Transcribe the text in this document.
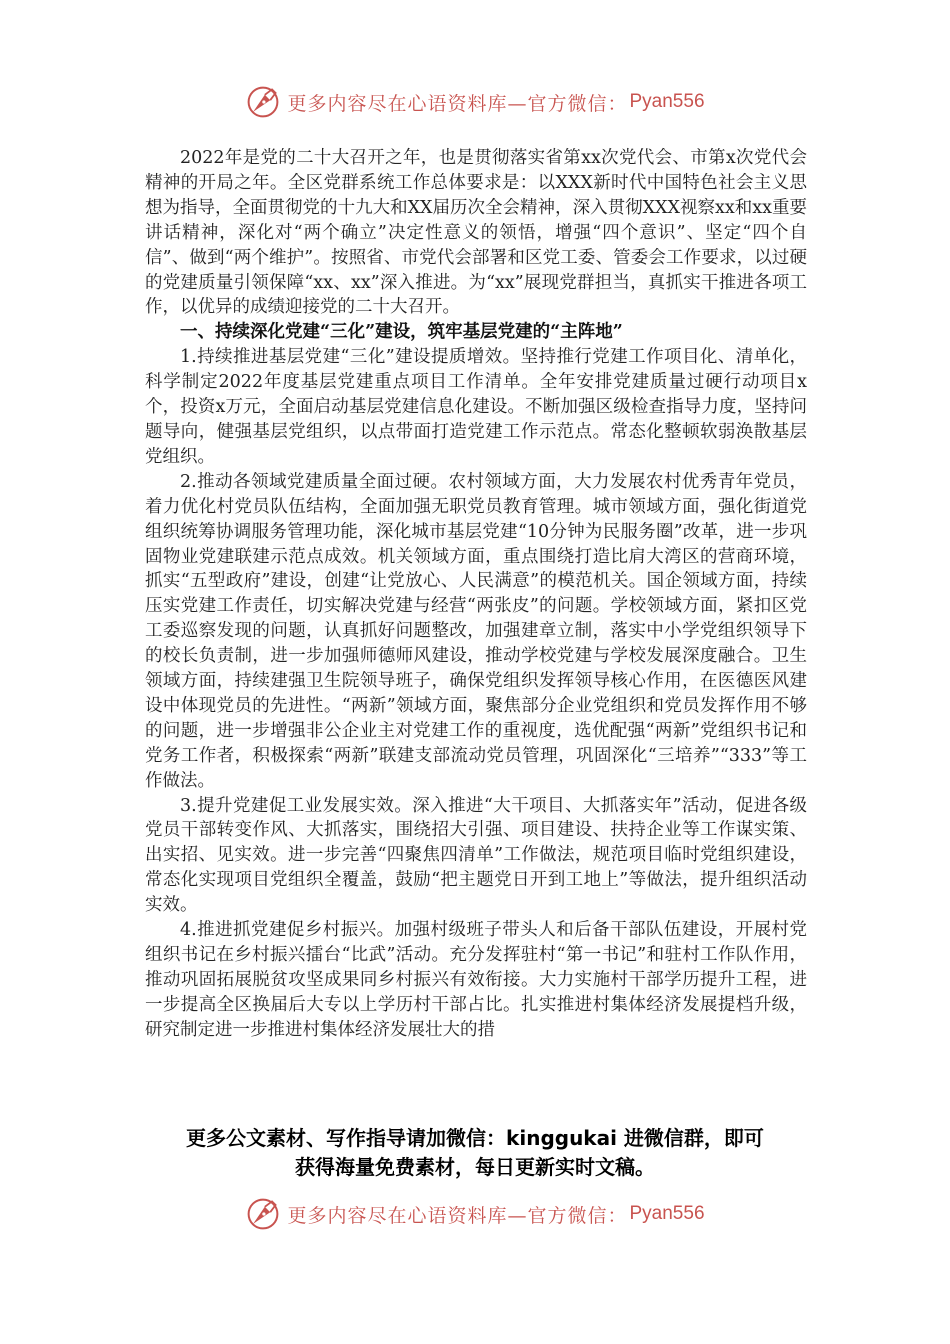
更多内容尽在心语资料库—官方微信： Pyan556

2022年是党的二十大召开之年，也是贯彻落实省第xx次党代会、市第x次党代会精神的开局之年。全区党群系统工作总体要求是：以XXX新时代中国特色社会主义思想为指导，全面贯彻党的十九大和XX届历次全会精神，深入贯彻XXX视察xx和xx重要讲话精神，深化对“两个确立”决定性意义的领悟，增强“四个意识”、坚定“四个自信”、做到“两个维护”。按照省、市党代会部署和区党工委、管委会工作要求，以过硬的党建质量引领保障“xx、xx”深入推进。为“xx”展现党群担当，真抓实干推进各项工作，以优异的成绩迎接党的二十大召开。

一、持续深化党建“三化”建设，筑牢基层党建的“主阵地”

1.持续推进基层党建“三化”建设提质增效。坚持推行党建工作项目化、清单化，科学制定2022年度基层党建重点项目工作清单。全年安排党建质量过硬行动项目x个，投资x万元，全面启动基层党建信息化建设。不断加强区级检查指导力度，坚持问题导向，健强基层党组织，以点带面打造党建工作示范点。常态化整顿软弱涣散基层党组织。

2.推动各领域党建质量全面过硬。农村领域方面，大力发展农村优秀青年党员，着力优化村党员队伍结构，全面加强无职党员教育管理。城市领域方面，强化街道党组织统筹协调服务管理功能，深化城市基层党建“10分钟为民服务圈”改革，进一步巩固物业党建联建示范点成效。机关领域方面，重点围绕打造比肩大湾区的营商环境，抓实“五型政府”建设，创建“让党放心、人民满意”的模范机关。国企领域方面，持续压实党建工作责任，切实解决党建与经营“两张皮”的问题。学校领域方面，紧扣区党工委巡察发现的问题，认真抓好问题整改，加强建章立制，落实中小学党组织领导下的校长负责制，进一步加强师德师风建设，推动学校党建与学校发展深度融合。卫生领域方面，持续建强卫生院领导班子，确保党组织发挥领导核心作用，在医德医风建设中体现党员的先进性。“两新”领域方面，聚焦部分企业党组织和党员发挥作用不够的问题，进一步增强非公企业主对党建工作的重视度，选优配强“两新”党组织书记和党务工作者，积极探索“两新”联建支部流动党员管理，巩固深化“三培养”“333”等工作做法。

3.提升党建促工业发展实效。深入推进“大干项目、大抓落实年”活动，促进各级党员干部转变作风、大抓落实，围绕招大引强、项目建设、扶持企业等工作谋实策、出实招、见实效。进一步完善“四聚焦四清单”工作做法，规范项目临时党组织建设，常态化实现项目党组织全覆盖，鼓励“把主题党日开到工地上”等做法，提升组织活动实效。

4.推进抓党建促乡村振兴。加强村级班子带头人和后备干部队伍建设，开展村党组织书记在乡村振兴擂台“比武”活动。充分发挥驻村“第一书记”和驻村工作队作用，推动巩固拓展脱贫攻坚成果同乡村振兴有效衔接。大力实施村干部学历提升工程，进一步提高全区换届后大专以上学历村干部占比。扎实推进村集体经济发展提档升级，研究制定进一步推进村集体经济发展壮大的措

更多公文素材、写作指导请加微信：kinggukai 进微信群，即可
获得海量免费素材，每日更新实时文稿。
更多内容尽在心语资料库—官方微信： Pyan556
